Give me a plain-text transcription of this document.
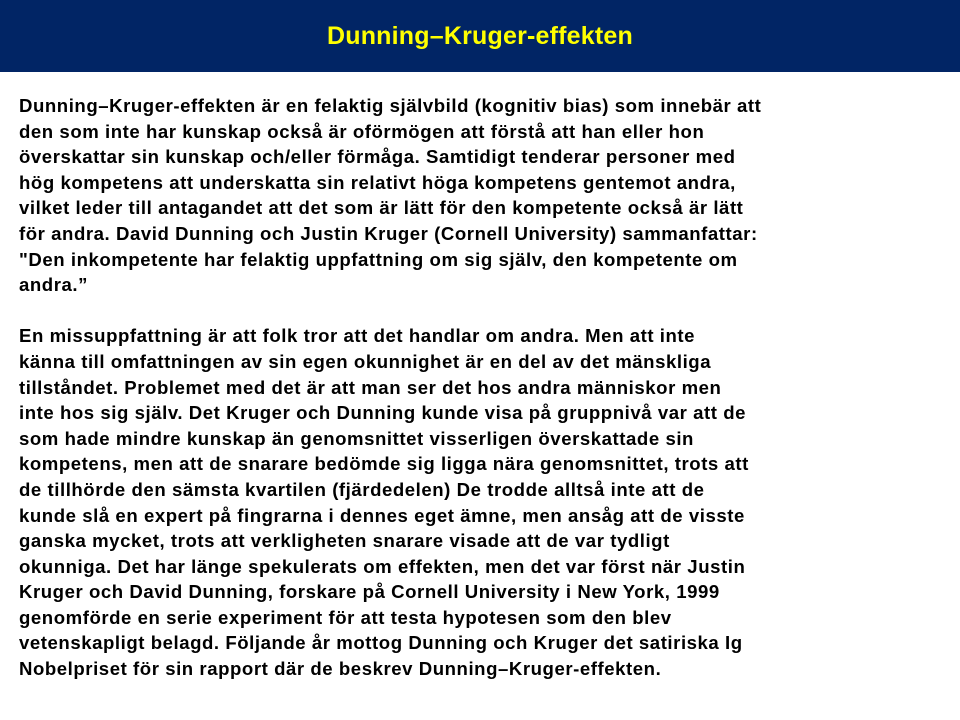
Dunning–Kruger-effekten

Dunning–Kruger-effekten är en felaktig självbild (kognitiv bias) som innebär att
den som inte har kunskap också är oförmögen att förstå att han eller hon
överskattar sin kunskap och/eller förmåga. Samtidigt tenderar personer med
hög kompetens att underskatta sin relativt höga kompetens gentemot andra,
vilket leder till antagandet att det som är lätt för den kompetente också är lätt
för andra. David Dunning och Justin Kruger (Cornell University) sammanfattar:
"Den inkompetente har felaktig uppfattning om sig själv, den kompetente om
andra.”

En missuppfattning är att folk tror att det handlar om andra. Men att inte
känna till omfattningen av sin egen okunnighet är en del av det mänskliga
tillståndet. Problemet med det är att man ser det hos andra människor men
inte hos sig själv. Det Kruger och Dunning kunde visa på gruppnivå var att de
som hade mindre kunskap än genomsnittet visserligen överskattade sin
kompetens, men att de snarare bedömde sig ligga nära genomsnittet, trots att
de tillhörde den sämsta kvartilen (fjärdedelen) De trodde alltså inte att de
kunde slå en expert på fingrarna i dennes eget ämne, men ansåg att de visste
ganska mycket, trots att verkligheten snarare visade att de var tydligt
okunniga. Det har länge spekulerats om effekten, men det var först när Justin
Kruger och David Dunning, forskare på Cornell University i New York, 1999
genomförde en serie experiment för att testa hypotesen som den blev
vetenskapligt belagd. Följande år mottog Dunning och Kruger det satiriska Ig
Nobelpriset för sin rapport där de beskrev Dunning–Kruger-effekten.
